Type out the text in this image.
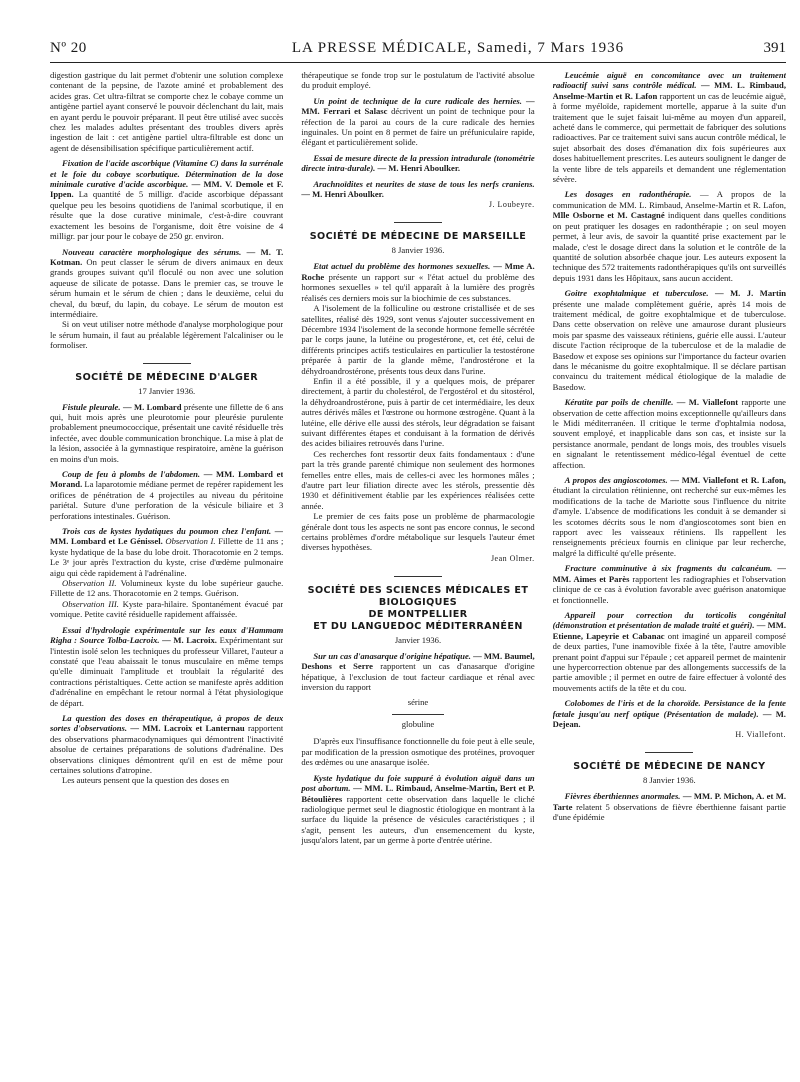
Nº 20	LA PRESSE MÉDICALE, Samedi, 7 Mars 1936	391

digestion gastrique du lait permet d'obtenir une solution complexe contenant de la pepsine, de l'azote aminé et probablement des acides gras. Cet ultra-filtrat se comporte chez le cobaye comme un antigène partiel ayant conservé le pouvoir déclenchant du lait, mais en ayant perdu le pouvoir préparant. Il peut être utilisé avec succès chez les malades adultes présentant des troubles divers après ingestion de lait : cet antigène partiel ultra-filtrable est donc un agent de désensibilisation spécifique particulièrement actif.

Fixation de l'acide ascorbique (Vitamine C) dans la surrénale et le foie du cobaye scorbutique. Détermination de la dose minimale curative d'acide ascorbique. — MM. V. Demole et F. Ippen. La quantité de 5 milligr. d'acide ascorbique dépassant quelque peu les besoins quotidiens de l'animal scorbutique, il en résulte que la dose curative minimale, c'est-à-dire couvrant exactement les besoins de l'organisme, doit être voisine de 4 milligr. par jour pour le cobaye de 250 gr. environ.

Nouveau caractère morphologique des sérums. — M. T. Kotman. On peut classer le sérum de divers animaux en deux grands groupes suivant qu'il floculé ou non avec une solution aqueuse de silicate de potasse. Dans le premier cas, se trouve le sérum humain et le sérum de chien ; dans le deuxième, celui du cheval, du bœuf, du lapin, du cobaye. Le sérum de mouton est intermédiaire.

Si on veut utiliser notre méthode d'analyse morphologique pour le sérum humain, il faut au préalable légèrement l'alcaliniser ou le formoliser.

SOCIÉTÉ DE MÉDECINE D'ALGER
17 Janvier 1936.

Fistule pleurale. — M. Lombard présente une fillette de 6 ans qui, huit mois après une pleurotomie pour pleurésie purulente probablement pneumococcique, présentait une cavité résiduelle très infectée, avec double communication bronchique. La mise à plat de la lésion, associée à la gymnastique respiratoire, amène la guérison en moins d'un mois.

Coup de feu à plombs de l'abdomen. — MM. Lombard et Morand. La laparotomie médiane permet de repérer rapidement les orifices de pénétration de 4 projectiles au niveau du péritoine pariétal. Suture d'une perforation de la vésicule biliaire et 3 perforations intestinales. Guérison.

Trois cas de kystes hydatiques du poumon chez l'enfant. — MM. Lombard et Le Génissel. Observation I. Fillette de 11 ans ; kyste hydatique de la base du lobe droit. Thoracotomie en 2 temps. Le 3ᵉ jour après l'extraction du kyste, crise d'œdème pulmonaire aigu qui cède rapidement à l'adrénaline.

Observation II. Volumineux kyste du lobe supérieur gauche. Fillette de 12 ans. Thoracotomie en 2 temps. Guérison.

Observation III. Kyste para-hilaire. Spontanément évacué par vomique. Petite cavité résiduelle rapidement affaissée.

Essai d'hydrologie expérimentale sur les eaux d'Hammam Righa : Source Tolba-Lacroix. — M. Lacroix. Expérimentant sur l'intestin isolé selon les techniques du professeur Villaret, l'auteur a constaté que l'eau abaissait le tonus musculaire en même temps qu'elle diminuait l'amplitude et troublait la régularité des contractions péristaltiques. Cette action se manifeste après addition d'adrénaline en empêchant le retour normal à l'état physiologique de départ.

La question des doses en thérapeutique, à propos de deux sortes d'observations. — MM. Lacroix et Lanternau rapportent des observations pharmacodynamiques qui démontrent l'inactivité absolue de certaines préparations de solutions d'adrénaline. Des observations cliniques démontrent qu'il en est de même pour certaines solutions d'atropine.

Les auteurs pensent que la question des doses en

thérapeutique se fonde trop sur le postulatum de l'activité absolue du produit employé.

Un point de technique de la cure radicale des hernies. — MM. Ferrari et Salasc décrivent un point de technique pour la réfection de la paroi au cours de la cure radicale des hernies inguinales. Un point en 8 permet de faire un préfuniculaire rapide, élégant et particulièrement solide.

Essai de mesure directe de la pression intradurale (tonométrie directe intra-durale). — M. Henri Aboulker.

Arachnoïdites et neurites de stase de tous les nerfs craniens. — M. Henri Aboulker.

J. Loubeyre.
SOCIÉTÉ DE MÉDECINE DE MARSEILLE
8 Janvier 1936.

Etat actuel du problème des hormones sexuelles. — Mme A. Roche présente un rapport sur « l'état actuel du problème des hormones sexuelles » tel qu'il apparaît à la lumière des progrès réalisés ces derniers mois sur la biochimie de ces substances.

A l'isolement de la folliculine ou œstrone cristallisée et de ses satellites, réalisé dès 1929, sont venus s'ajouter successivement en Décembre 1934 l'isolement de la seconde hormone femelle sécrétée par le corps jaune, la lutéine ou progestérone, et, cet été, celui de différents principes actifs testiculaires en particulier la testostérone préparée à partir de la glande même, l'androstérone et la déhydroandrostérone, présents tous deux dans l'urine.

Enfin il a été possible, il y a quelques mois, de préparer directement, à partir du cholestérol, de l'ergostérol et du sitostérol, la déhydroandrostérone, puis à partir de cet intermédiaire, les deux autres dérivés mâles et l'œstrone ou hormone œstrogène. Quant à la lutéine, elle dérive elle aussi des stérols, leur dégradation se faisant suivant différentes étapes et conduisant à la formation de dérivés des acides biliaires retrouvés dans l'urine.

Ces recherches font ressortir deux faits fondamentaux : d'une part la très grande parenté chimique non seulement des hormones femelles entre elles, mais de celles-ci avec les hormones mâles ; d'autre part leur filiation directe avec les stérols, pressentie dès 1930 et définitivement établie par les expériences réalisées cette année.

Le premier de ces faits pose un problème de pharmacologie générale dont tous les aspects ne sont pas encore connus, le second certains problèmes d'ordre métabolique sur lesquels l'auteur émet diverses hypothèses.

Jean Olmer.
SOCIÉTÉ DES SCIENCES MÉDICALES ET BIOLOGIQUES
DE MONTPELLIER
ET DU LANGUEDOC MÉDITERRANÉEN
Janvier 1936.

Sur un cas d'anasarque d'origine hépatique. — MM. Baumel, Deshons et Serre rapportent un cas d'anasarque d'origine hépatique, à l'exclusion de tout facteur cardiaque et rénal avec inversion du rapport

sérine
globuline

D'après eux l'insuffisance fonctionnelle du foie peut à elle seule, par modification de la pression osmotique des protéines, provoquer des œdèmes ou une anasarque isolée.

Kyste hydatique du foie suppuré à évolution aiguë dans un post abortum. — MM. L. Rimbaud, Anselme-Martin, Bert et P. Bétoulières rapportent cette observation dans laquelle le cliché radiologique permet seul le diagnostic étiologique en montrant à la surface du liquide la présence de vésicules caractéristiques ; il s'agit, pensent les auteurs, d'un ensemencement du kyste, jusqu'alors latent, par un germe à porte d'entrée utérine.

Leucémie aiguë en concomitance avec un traitement radioactif suivi sans contrôle médical. — MM. L. Rimbaud, Anselme-Martin et R. Lafon rapportent un cas de leucémie aiguë, à forme myéloïde, rapidement mortelle, apparue à la suite d'un traitement que le sujet faisait lui-même au moyen d'un appareil, acheté dans le commerce, qui permettait de fabriquer des solutions radioactives. Par ce traitement suivi sans aucun contrôle médical, le sujet absorbait des doses d'émanation dix fois supérieures aux doses habituellement prescrites. Les auteurs soulignent le danger de la vente libre de tels appareils et demandent une réglementation sévère.

Les dosages en radonthérapie. — A propos de la communication de MM. L. Rimbaud, Anselme-Martin et R. Lafon, Mlle Osborne et M. Castagné indiquent dans quelles conditions on peut pratiquer les dosages en radonthérapie ; on seul moyen permet, à leur avis, de savoir la quantité prise exactement par le malade, c'est le dosage direct dans la solution et le contrôle de la quantité de solution absorbée chaque jour. Les auteurs exposent la technique des 572 traitements radonthérapiques qu'ils ont surveillés depuis 1931 dans les Hôpitaux, sans aucun accident.

Goitre exophtalmique et tuberculose. — M. J. Martin présente une malade complètement guérie, après 14 mois de traitement médical, de goitre exophtalmique et de tuberculose. Dans cette observation on relève une amaurose durant plusieurs mois par spasme des vaisseaux rétiniens, guérie elle aussi. L'auteur discute l'action réciproque de la tuberculose et de la maladie de Basedow et expose ses opinions sur l'importance du facteur ovarien dans le mécanisme du goitre exophtalmique. Il se déclare partisan convaincu du traitement médical étiologique de la maladie de Basedow.

Kératite par poils de chenille. — M. Viallefont rapporte une observation de cette affection moins exceptionnelle qu'ailleurs dans le Midi méditerranéen. Il critique le terme d'ophtalmia nodosa, souvent employé, et inapplicable dans son cas, et insiste sur la persistance anormale, pendant de longs mois, des troubles visuels en signalant le retentissement médico-légal éventuel de cette affection.

A propos des angioscotomes. — MM. Viallefont et R. Lafon, étudiant la circulation rétinienne, ont recherché sur eux-mêmes les modifications de la tache de Mariotte sous l'influence du nitrite d'amyle. L'absence de modifications les conduit à se demander si les scotomes décrits sous le nom d'angioscotomes sont bien en rapport avec les vaisseaux rétiniens. Ils rappellent les renseignements précieux fournis en clinique par leur recherche, malgré la difficulté qu'elle présente.

Fracture comminutive à six fragments du calcanéum. — MM. Aimes et Parès rapportent les radiographies et l'observation clinique de ce cas à évolution favorable avec guérison anatomique et fonctionnelle.

Appareil pour correction du torticolis congénital (démonstration et présentation de malade traité et guéri). — MM. Etienne, Lapeyrie et Cabanac ont imaginé un appareil composé de deux parties, l'une inamovible fixée à la tête, l'autre amovible prenant point d'appui sur l'épaule ; cet appareil permet de maintenir une hypercorrection obtenue par des allongements successifs de la partie amovible ; il permet en outre de faire effectuer à volonté des mouvements actifs de la tête et du cou.

Colobomes de l'iris et de la choroïde. Persistance de la fente fœtale jusqu'au nerf optique (Présentation de malade). — M. Dejean.

H. Viallefont.
SOCIÉTÉ DE MÉDECINE DE NANCY
8 Janvier 1936.

Fièvres éberthiennes anormales. — MM. P. Michon, A. et M. Tarte relatent 5 observations de fièvre éberthienne faisant partie d'une épidémie
